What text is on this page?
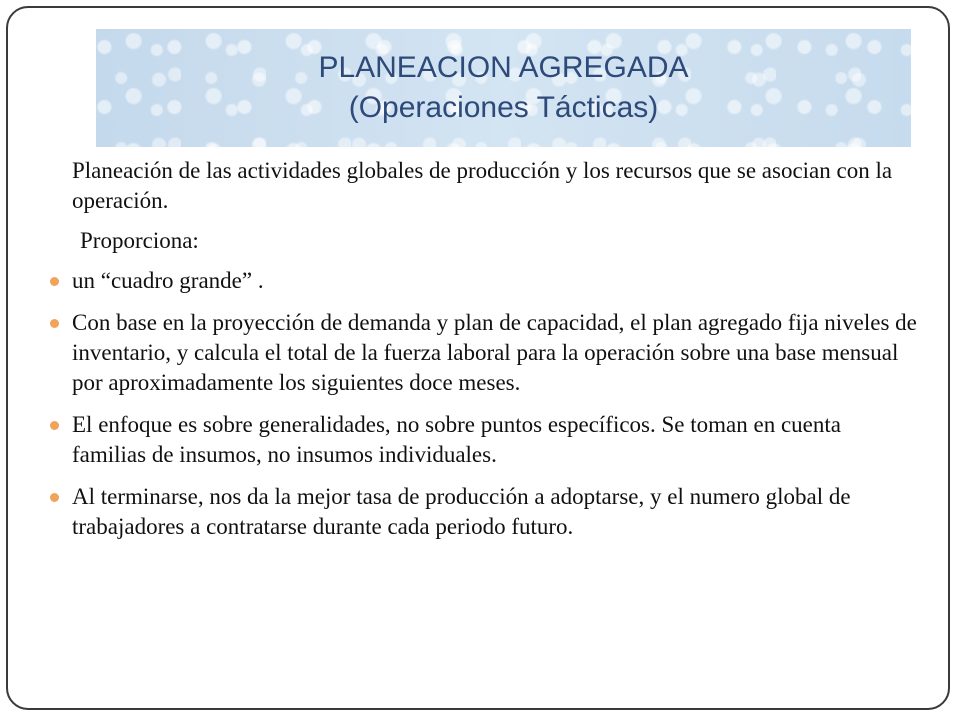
PLANEACION AGREGADA
(Operaciones Tácticas)

Planeación de las actividades globales de producción y los recursos que se asocian con la operación.

Proporciona:

un “cuadro grande” .
Con base en la proyección de demanda y plan de capacidad, el plan agregado fija niveles de inventario, y calcula el total de la fuerza laboral para la operación sobre una base mensual por aproximadamente los siguientes doce meses.
El enfoque es sobre generalidades, no sobre puntos específicos. Se toman en cuenta familias de insumos, no insumos individuales.
Al terminarse, nos da la mejor tasa de producción a adoptarse, y el numero global de trabajadores a contratarse durante cada periodo futuro.
